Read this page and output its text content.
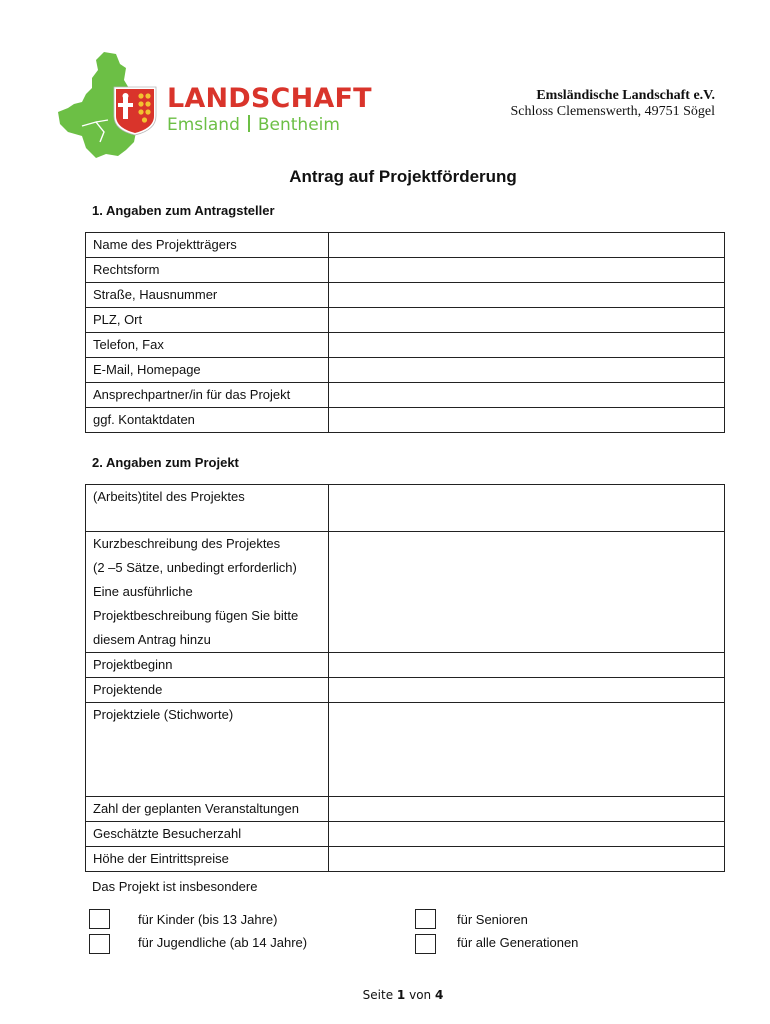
LANDSCHAFT
Emsland Bentheim
Emsländische Landschaft e.V.
Schloss Clemenswerth, 49751 Sögel
Antrag auf Projektförderung
1. Angaben zum Antragsteller
Name des Projektträgers	
Rechtsform	
Straße, Hausnummer	
PLZ, Ort	
Telefon, Fax	
E-Mail, Homepage	
Ansprechpartner/in für das Projekt	
ggf. Kontaktdaten	
2. Angaben zum Projekt
(Arbeits)titel des Projektes	

Kurzbeschreibung des Projektes
(2 –5 Sätze, unbedingt erforderlich)
Eine ausführliche
Projektbeschreibung fügen Sie bitte
diesem Antrag hinzu	

Projektbeginn	
Projektende	
Projektziele (Stichworte)	
Zahl der geplanten Veranstaltungen	
Geschätzte Besucherzahl	
Höhe der Eintrittspreise	
Das Projekt ist insbesondere
für Kinder (bis 13 Jahre)	für Senioren
für Jugendliche (ab 14 Jahre)	für alle Generationen
Seite 1 von 4
